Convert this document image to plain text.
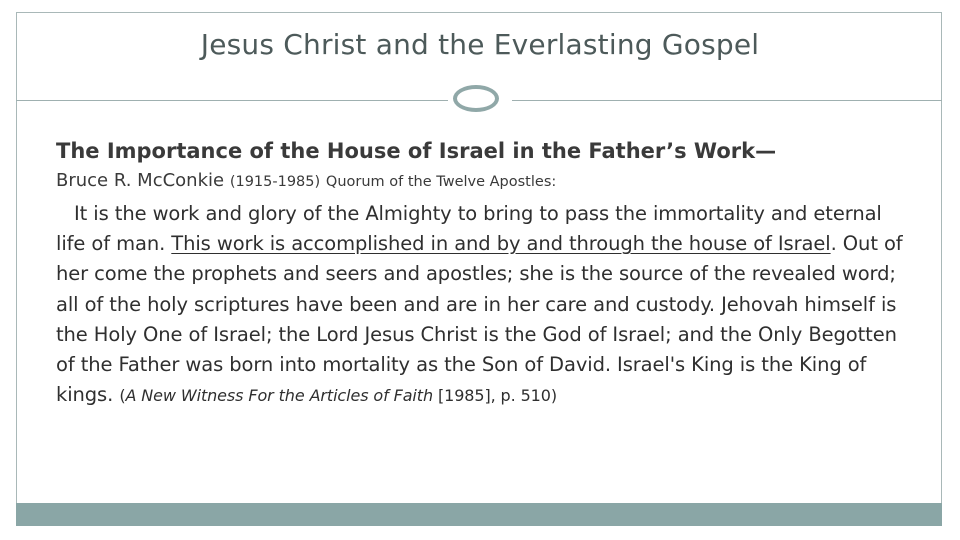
Jesus Christ and the Everlasting Gospel
The Importance of the House of Israel in the Father’s Work—
Bruce R. McConkie (1915-1985) Quorum of the Twelve Apostles:
It is the work and glory of the Almighty to bring to pass the immortality and eternal life of man. This work is accomplished in and by and through the house of Israel. Out of her come the prophets and seers and apostles; she is the source of the revealed word; all of the holy scriptures have been and are in her care and custody. Jehovah himself is the Holy One of Israel; the Lord Jesus Christ is the God of Israel; and the Only Begotten of the Father was born into mortality as the Son of David. Israel's King is the King of kings. (A New Witness For the Articles of Faith [1985], p. 510)
